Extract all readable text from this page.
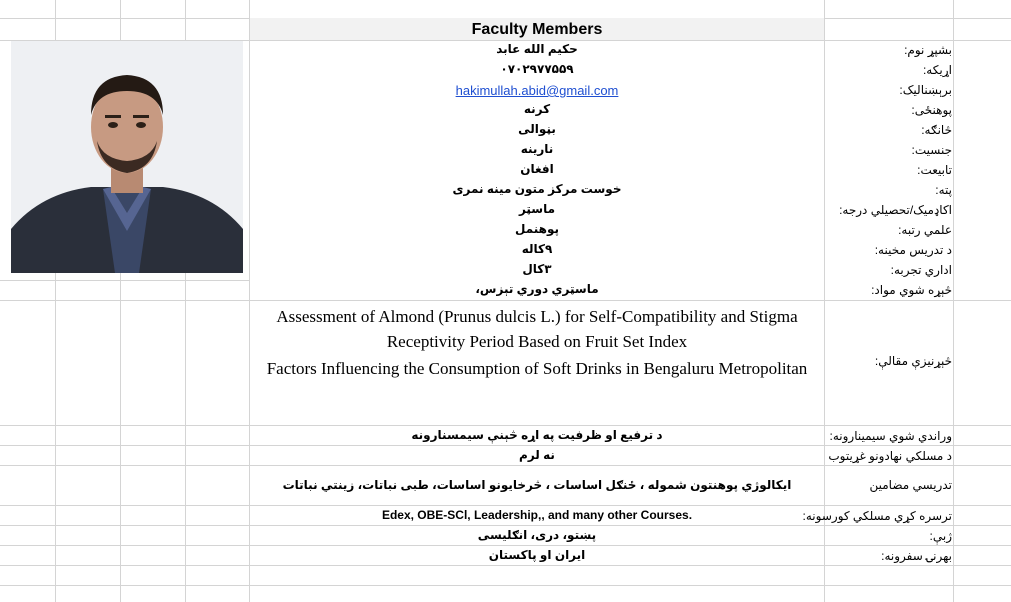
Faculty Members
بشپړ نوم:
حکیم الله عابد
اړیکه:
۰۷۰۲۹۷۷۵۵۹
برېښنالیک:
hakimullah.abid@gmail.com
پوهنځی:
کرنه
څانګه:
بڼوالی
جنسیت:
نارینه
تابیعت:
افغان
پته:
خوست مرکز متون مینه نمری
اکاډمیک/تحصیلي درجه:
ماسټر
علمي رتبه:
پوهنمل
د تدریس مخینه:
۹کاله
اداري تجربه:
۳کال
څېړه شوي مواد:
ماسټري دوري تېزس،
څېړنیزې مقالې:
Assessment of Almond (Prunus dulcis L.) for Self-Compatibility and Stigma Receptivity Period Based on Fruit Set Index
Factors Influencing the Consumption of Soft Drinks in Bengaluru Metropolitan
وراندي شوي سیمینارونه:
د ترفیع او ظرفیت په اړه څېنې سیمسنارونه
د مسلکي نهادونو غړیتوب
نه لرم
تدریسي مضامین
ایکالوژي پوهنتون شموله ، ځنګل اساسات ، څرخایونو اساسات، طبی نباتات، زینتي نباتات
ترسره کړي مسلکي کورسونه:
Edex, OBE-SCl, Leadership,, and many other Courses.
ژبې:
پښتو، دری، انګلیسی
بهرنۍ سفرونه:
ایران او پاکستان
